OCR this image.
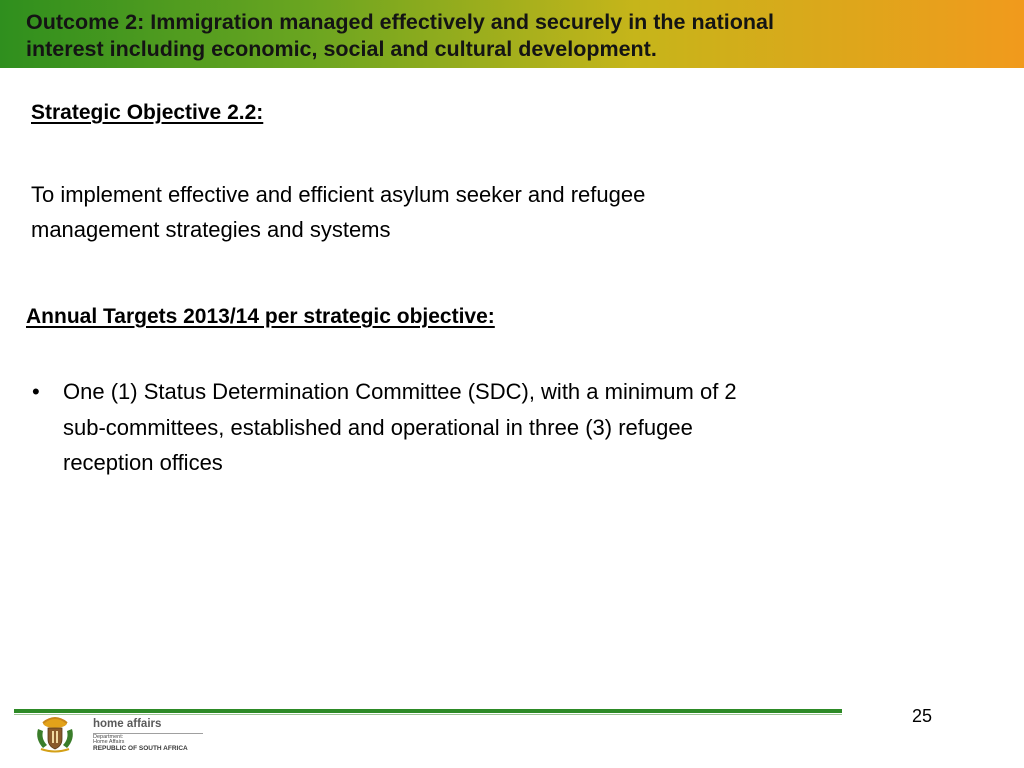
Outcome 2: Immigration managed effectively and securely in the national
interest including economic, social and cultural development.
Strategic Objective 2.2:
To implement effective and efficient asylum seeker and refugee
management strategies and systems
Annual Targets 2013/14 per strategic objective:
•	One (1) Status Determination Committee (SDC), with a minimum of 2
sub-committees, established and operational in three (3) refugee
reception offices
25
home affairs
Department:
Home Affairs
REPUBLIC OF SOUTH AFRICA
